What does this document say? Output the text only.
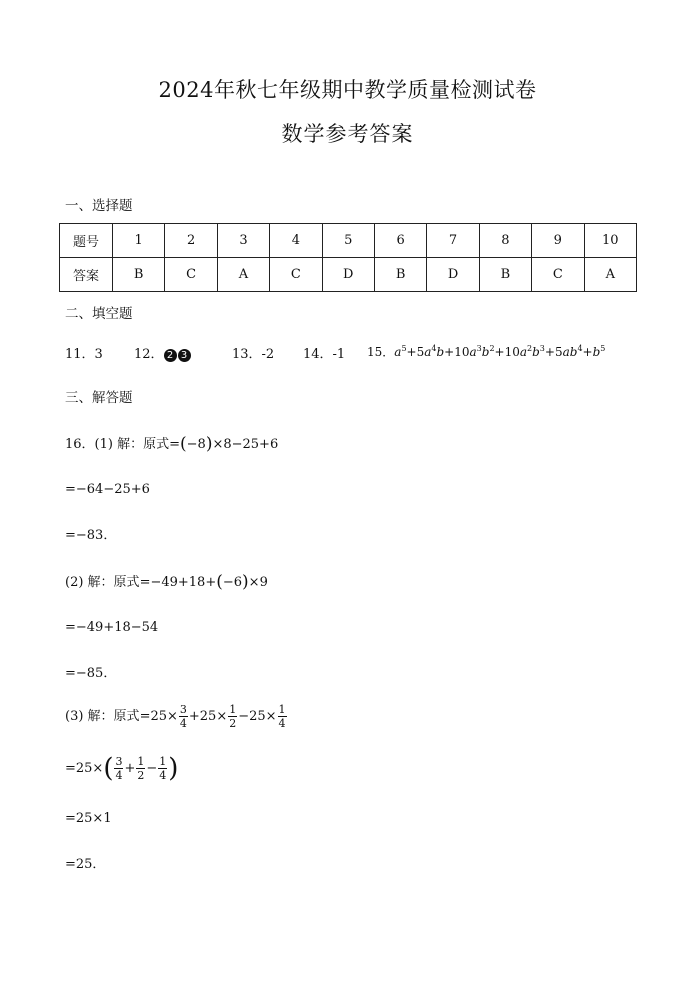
2024年秋七年级期中教学质量检测试卷
数学参考答案
一、选择题
题号	1	2	3	4	5	6	7	8	9	10
答案	B	C	A	C	D	B	D	B	C	A
二、填空题
11．3 12． 2 3	13．-2 14．-1 15．$a^5+5a^4b+10a^3b^2+10a^2b^3+5ab^4+b^5$
三、解答题
16．(1) 解：原式=(−8)×8−25+6
=−64−25+6
=−83．
(2) 解：原式=−49+18+(−6)×9
=−49+18−54
=−85．
(3) 解：原式$=25\times \frac{3}{4} +25\times \frac{1}{2} -25\times \frac{1}{4}$
$=25\times( \frac{3}{4} + \frac{1}{2} - \frac{1}{4}$ )
=25×1
=25．
